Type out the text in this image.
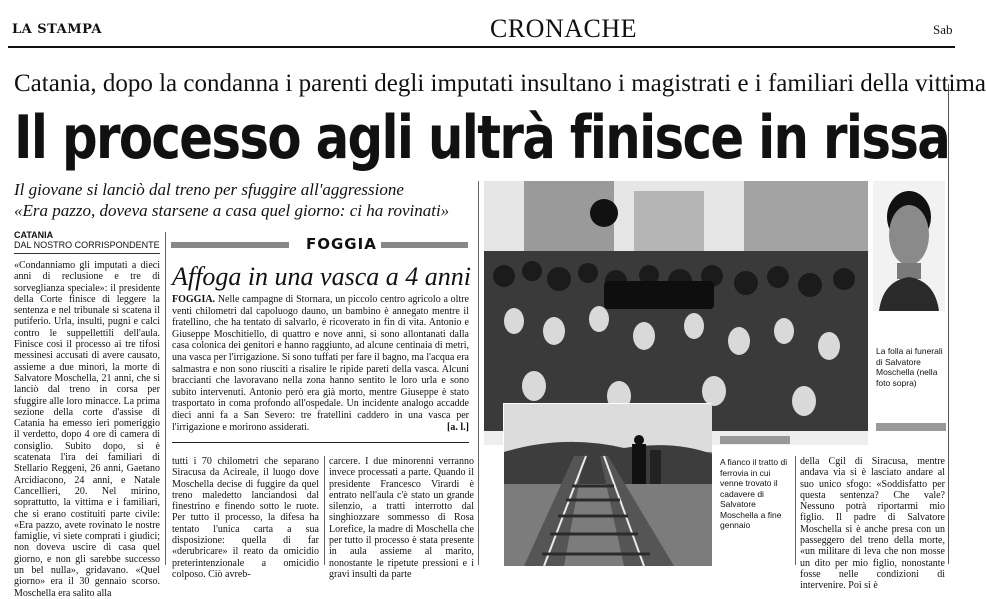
LA STAMPA	CRONACHE	Sab
Catania, dopo la condanna i parenti degli imputati insultano i magistrati e i familiari della vittima
Il processo agli ultrà finisce in rissa
Il giovane si lanciò dal treno per sfuggire all'aggressione
«Era pazzo, doveva starsene a casa quel giorno: ci ha rovinati»
CATANIA
DAL NOSTRO CORRISPONDENTE
«Condanniamo gli imputati a dieci anni di reclusione e tre di sorveglianza speciale»: il presidente della Corte finisce di leggere la sentenza e nel tribunale si scatena il putiferio. Urla, insulti, pugni e calci contro le suppellettili dell'aula. Finisce così il processo ai tre tifosi messinesi accusati di avere causato, assieme a due minori, la morte di Salvatore Moschella, 21 anni, che si lanciò dal treno in corsa per sfuggire alle loro minacce. La prima sezione della corte d'assise di Catania ha emesso ieri pomeriggio il verdetto, dopo 4 ore di camera di consiglio. Subito dopo, si è scatenata l'ira dei familiari di Stellario Reggeni, 26 anni, Gaetano Arcidiacono, 24 anni, e Natale Cancellieri, 20. Nel mirino, soprattutto, la vittima e i familiari, che si erano costituiti parte civile: «Era pazzo, avete rovinato le nostre famiglie, vi siete comprati i giudici; non doveva uscire di casa quel giorno, e non gli sarebbe successo un bel nulla», gridavano. «Quel giorno» era il 30 gennaio scorso. Moschella era salito alla
FOGGIA
Affoga in una vasca a 4 anni
FOGGIA. Nelle campagne di Stornara, un piccolo centro agricolo a oltre venti chilometri dal capoluogo dauno, un bambino è annegato mentre il fratellino, che ha tentato di salvarlo, è ricoverato in fin di vita. Antonio e Giuseppe Moschitiello, di quattro e nove anni, si sono allontanati dalla casa colonica dei genitori e hanno raggiunto, ad alcune centinaia di metri, una vasca per l'irrigazione. Si sono tuffati per fare il bagno, ma l'acqua era salmastra e non sono riusciti a risalire le ripide pareti della vasca. Alcuni braccianti che lavoravano nella zona hanno sentito le loro urla e sono subito intervenuti. Antonio però era già morto, mentre Giuseppe è stato trasportato in coma profondo all'ospedale. Un incidente analogo accadde dieci anni fa a San Severo: tre fratellini caddero in una vasca per l'irrigazione e morirono assiderati.	[a. l.]
tutti i 70 chilometri che separano Siracusa da Acireale, il luogo dove Moschella decise di fuggire da quel treno maledetto lanciandosi dal finestrino e finendo sotto le ruote. Per tutto il processo, la difesa ha tentato l'unica carta a sua disposizione: quella di far «derubricare» il reato da omicidio preterintenzionale a omicidio colposo. Ciò avreb-
carcere. I due minorenni verranno invece processati a parte. Quando il presidente Francesco Virardi è entrato nell'aula c'è stato un grande silenzio, a tratti interrotto dal singhiozzare sommesso di Rosa Lorefice, la madre di Moschella che per tutto il processo è stata presente in aula assieme al marito, nonostante le ripetute pressioni e i gravi insulti da parte
La folla ai funerali di Salvatore Moschella (nella foto sopra)
A fianco il tratto di ferrovia in cui venne trovato il cadavere di Salvatore Moschella a fine gennaio
della Cgil di Siracusa, mentre andava via si è lasciato andare al suo unico sfogo: «Soddisfatto per questa sentenza? Che vale? Nessuno potrà riportarmi mio figlio. Il padre di Salvatore Moschella si è anche presa con un passeggero del treno della morte, «un militare di leva che non mosse un dito per mio figlio, nonostante fosse nelle condizioni di intervenire. Poi si è
